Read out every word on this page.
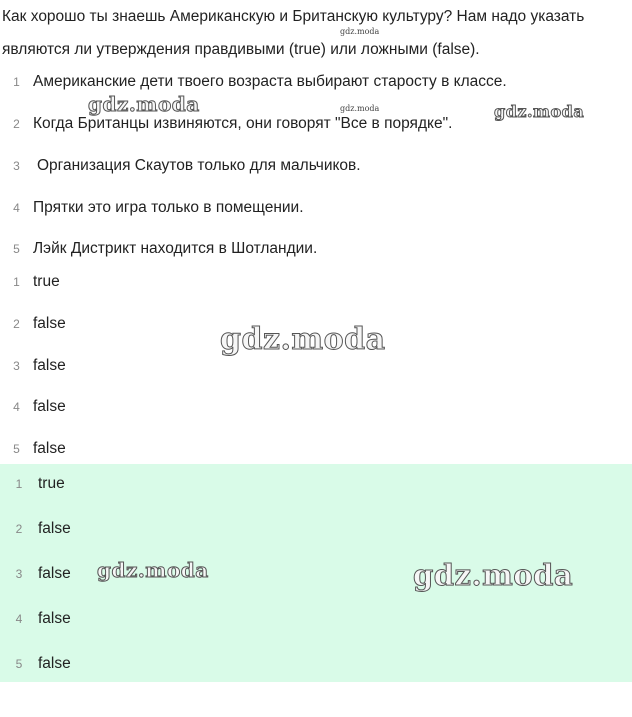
Как хорошо ты знаешь Американскую и Британскую культуру? Нам надо указать являются ли утверждения правдивыми (true) или ложными (false).
1 Американские дети твоего возраста выбирают старосту в классе.
2 Когда Британцы извиняются, они говорят "Все в порядке".
3	Организация Скаутов только для мальчиков.
4 Прятки это игра только в помещении.
5 Лэйк Дистрикт находится в Шотландии.
1 true
2 false
3 false
4 false
5 false
1	true
2	false
3	false
4	false
5	false
gdz.moda
gdz.moda
gdz.moda	gdz.moda
gdz.moda
gdz.moda	gdz.moda
